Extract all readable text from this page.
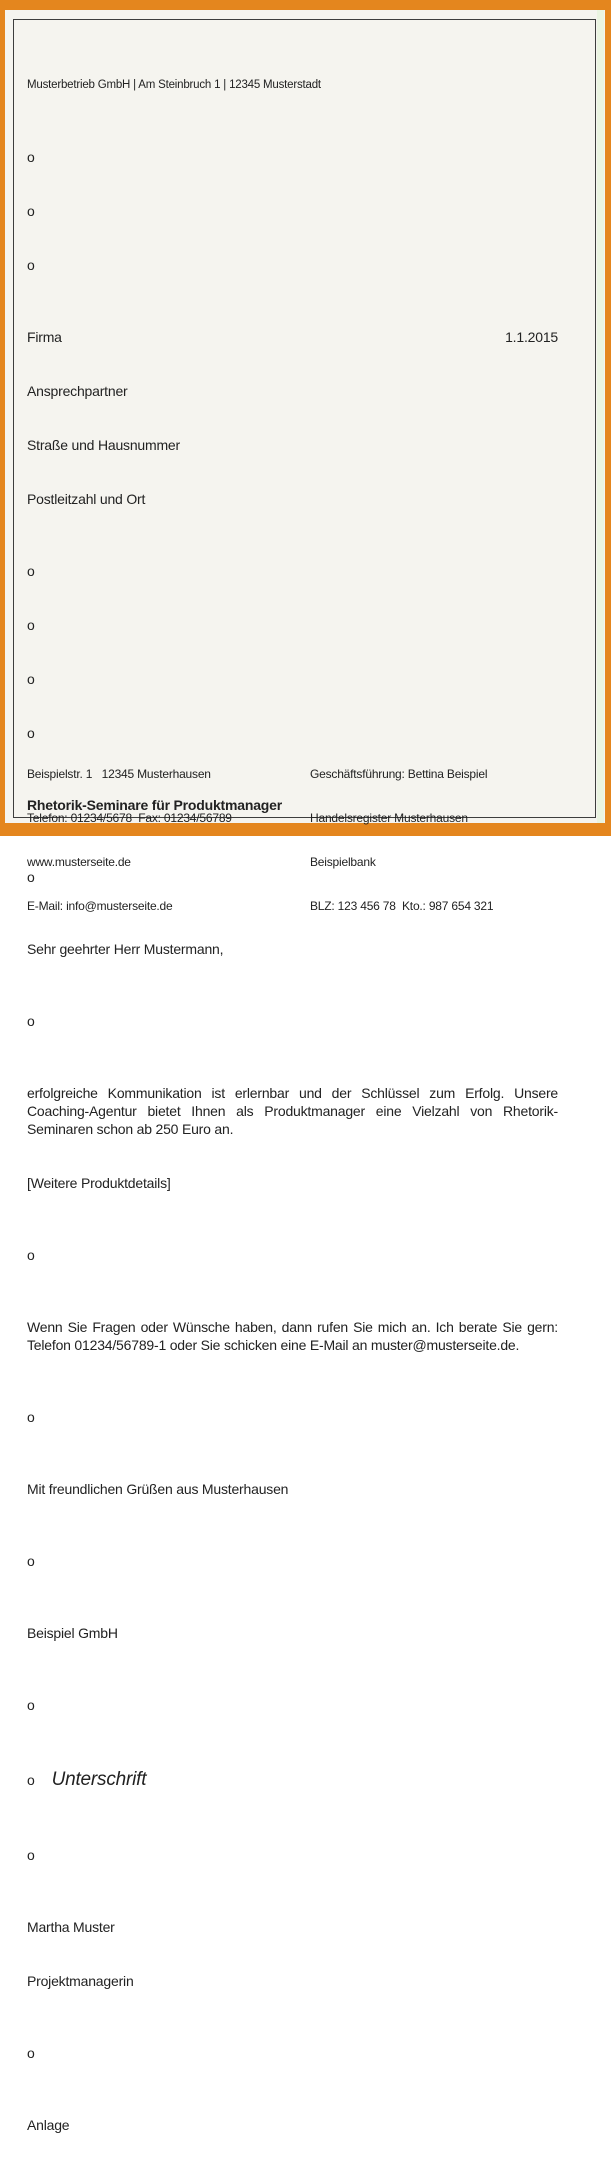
Musterbetrieb GmbH | Am Steinbruch 1 | 12345 Musterstadt

o

o

o

Firma	1.1.2015

Ansprechpartner

Straße und Hausnummer

Postleitzahl und Ort

o

o

o

o

Rhetorik-Seminare für Produktmanager

o

Sehr geehrter Herr Mustermann,

o

erfolgreiche Kommunikation ist erlernbar und der Schlüssel zum Erfolg. Unsere Coaching-Agentur bietet Ihnen als Produktmanager eine Vielzahl von Rhetorik-Seminaren schon ab 250 Euro an.

[Weitere Produktdetails]

o

Wenn Sie Fragen oder Wünsche haben, dann rufen Sie mich an. Ich berate Sie gern: Telefon 01234/56789-1 oder Sie schicken eine E-Mail an muster@musterseite.de.

o

Mit freundlichen Grüßen aus Musterhausen

o

Beispiel GmbH

o

o Unterschrift

o

Martha Muster

Projektmanagerin

o

Anlage

Beispielstr. 1   12345 Musterhausen

Telefon: 01234/5678  Fax: 01234/56789

www.musterseite.de

E-Mail: info@musterseite.de

Geschäftsführung: Bettina Beispiel

Handelsregister Musterhausen

Beispielbank

BLZ: 123 456 78  Kto.: 987 654 321
